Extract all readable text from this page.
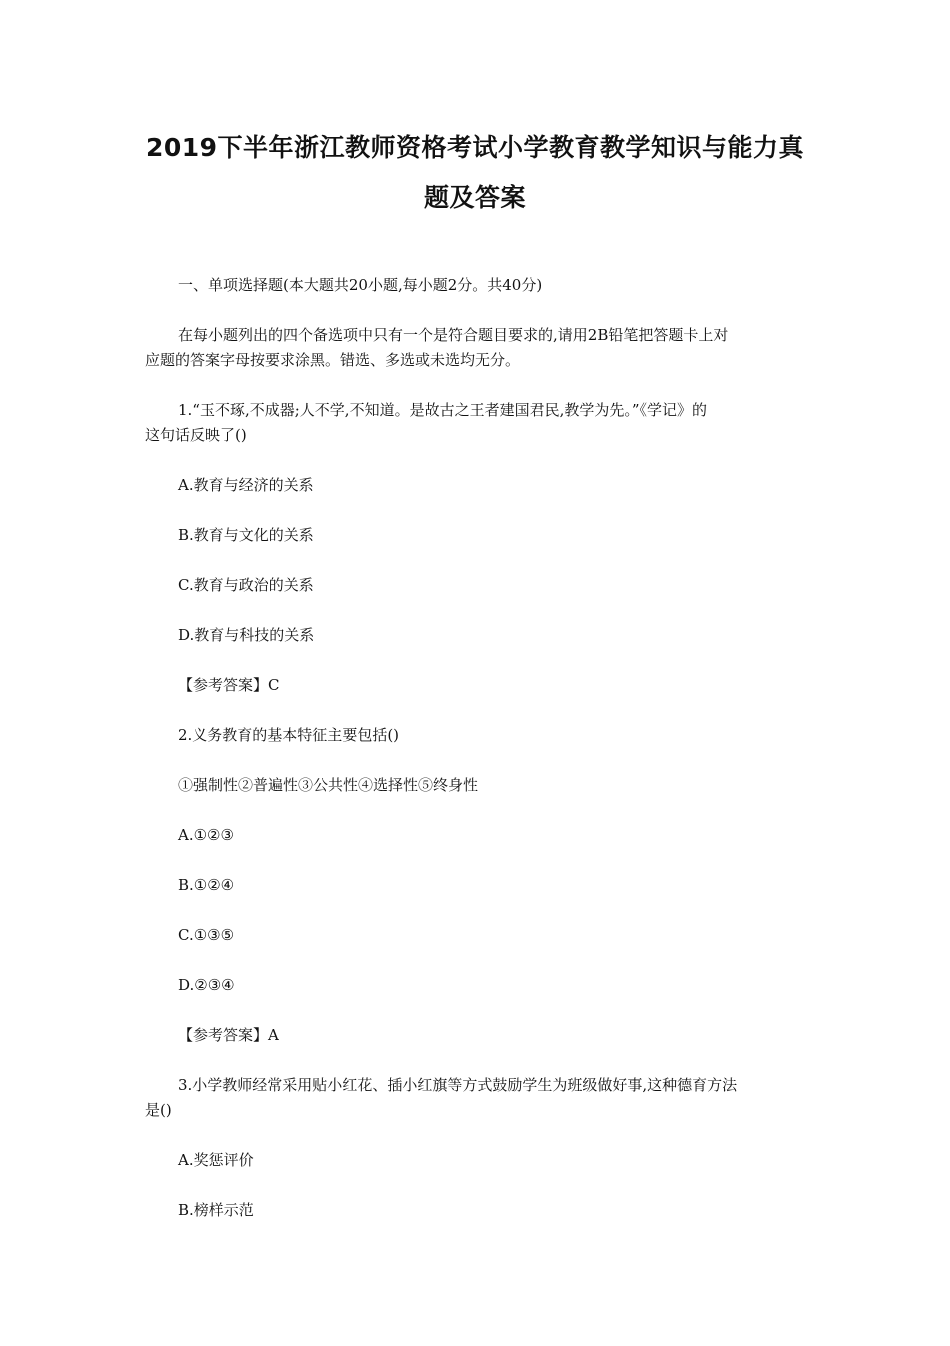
2019下半年浙江教师资格考试小学教育教学知识与能力真
题及答案
一、单项选择题(本大题共20小题,每小题2分。共40分)
在每小题列出的四个备选项中只有一个是符合题目要求的,请用2B铅笔把答题卡上对
应题的答案字母按要求涂黑。错选、多选或未选均无分。
1.“玉不琢,不成器;人不学,不知道。是故古之王者建国君民,教学为先。”《学记》的
这句话反映了()
A.教育与经济的关系
B.教育与文化的关系
C.教育与政治的关系
D.教育与科技的关系
【参考答案】C
2.义务教育的基本特征主要包括()
①强制性②普遍性③公共性④选择性⑤终身性
A.①②③
B.①②④
C.①③⑤
D.②③④
【参考答案】A
3.小学教师经常采用贴小红花、插小红旗等方式鼓励学生为班级做好事,这种德育方法
是()
A.奖惩评价
B.榜样示范
